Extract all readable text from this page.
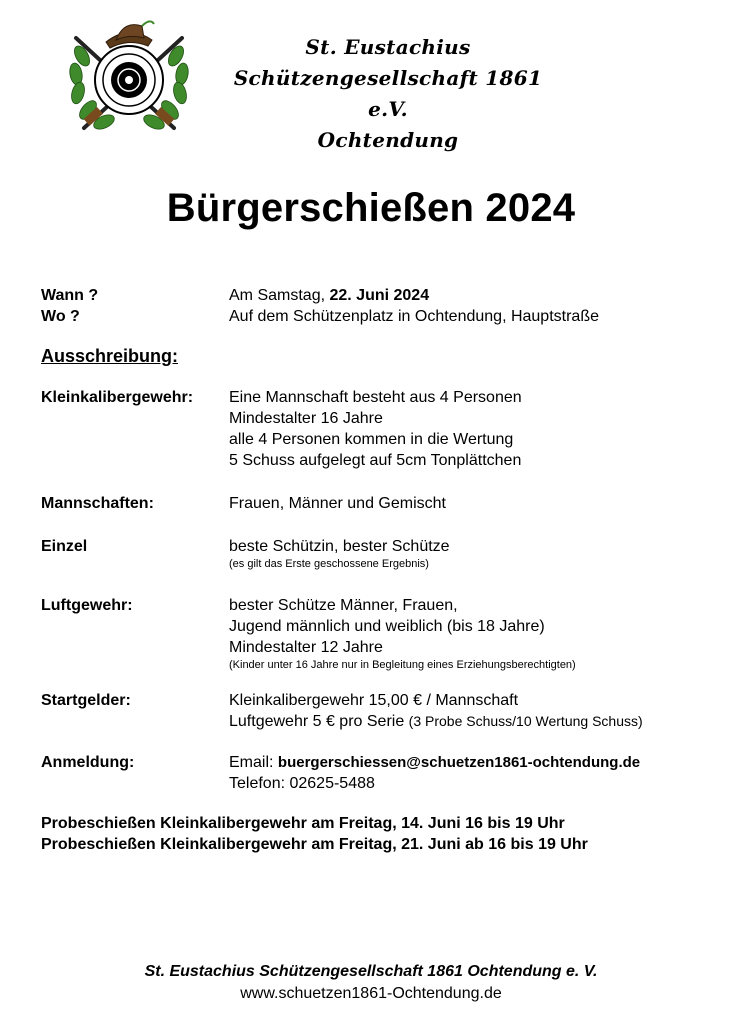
St. Eustachius
Schützengesellschaft 1861 e.V.
Ochtendung
Bürgerschießen 2024
Wann ?	Am Samstag, 22. Juni 2024
Wo ?	Auf dem Schützenplatz in Ochtendung, Hauptstraße
Ausschreibung:
Kleinkalibergewehr: Eine Mannschaft besteht aus 4 Personen
Mindestalter 16 Jahre
alle 4 Personen kommen in die Wertung
5 Schuss aufgelegt auf 5cm Tonplättchen
Mannschaften:	Frauen, Männer und Gemischt
Einzel	beste Schützin, bester Schütze
(es gilt das Erste geschossene Ergebnis)
Luftgewehr:	bester Schütze Männer, Frauen,
Jugend männlich und weiblich (bis 18 Jahre)
Mindestalter 12 Jahre
(Kinder unter 16 Jahre nur in Begleitung eines Erziehungsberechtigten)
Startgelder:	Kleinkalibergewehr 15,00 € / Mannschaft
Luftgewehr 5 € pro Serie (3 Probe Schuss/10 Wertung Schuss)
Anmeldung:	Email: buergerschiessen@schuetzen1861-ochtendung.de
Telefon: 02625-5488
Probeschießen Kleinkalibergewehr am Freitag, 14. Juni 16 bis 19 Uhr
Probeschießen Kleinkalibergewehr am Freitag, 21. Juni ab 16 bis 19 Uhr
St. Eustachius Schützengesellschaft 1861 Ochtendung e. V.
www.schuetzen1861-Ochtendung.de
